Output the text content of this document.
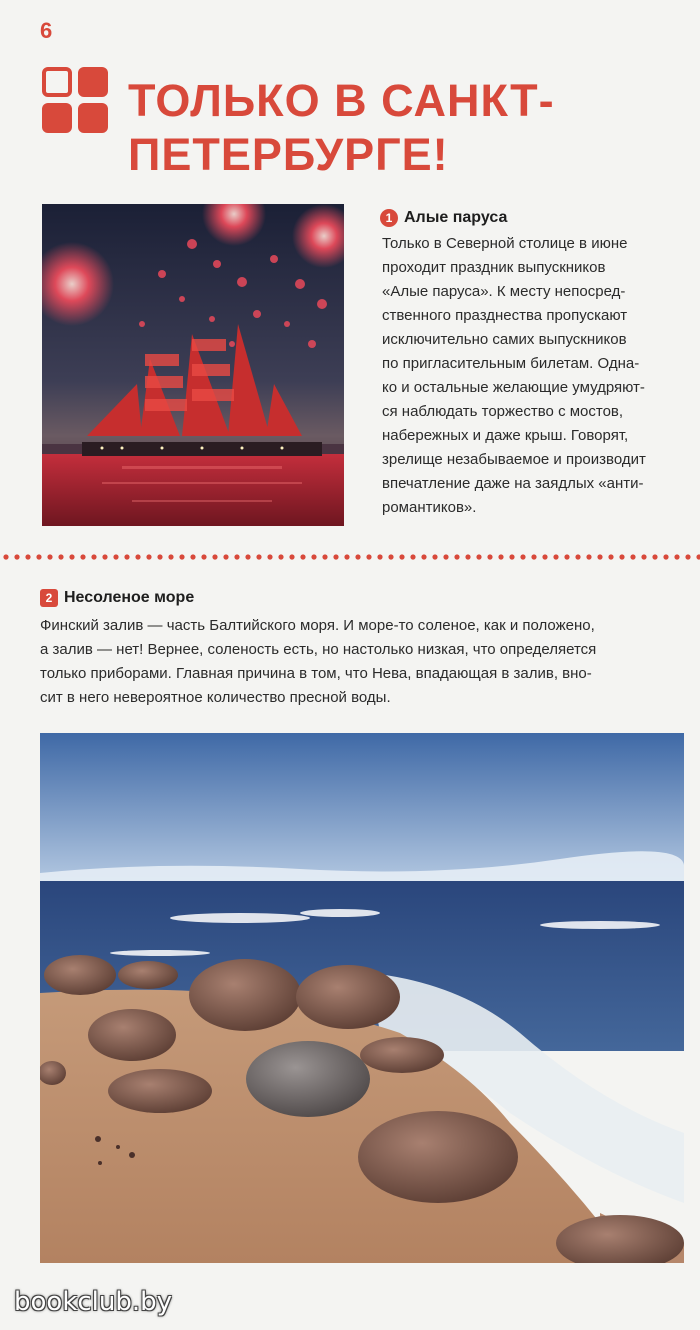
6
ТОЛЬКО В САНКТ-
ПЕТЕРБУРГЕ!
1 Алые паруса
Только в Северной столице в июне
проходит праздник выпускников
«Алые паруса». К месту непосред-
ственного празднества пропускают
исключительно самих выпускников
по пригласительным билетам. Одна-
ко и остальные желающие умудряют-
ся наблюдать торжество с мостов,
набережных и даже крыш. Говорят,
зрелище незабываемое и производит
впечатление даже на заядлых «анти-
романтиков».
2 Несоленое море
Финский залив — часть Балтийского моря. И море-то соленое, как и положено,
а залив — нет! Вернее, соленость есть, но настолько низкая, что определяется
только приборами. Главная причина в том, что Нева, впадающая в залив, вно-
сит в него невероятное количество пресной воды.
bookclub.by
